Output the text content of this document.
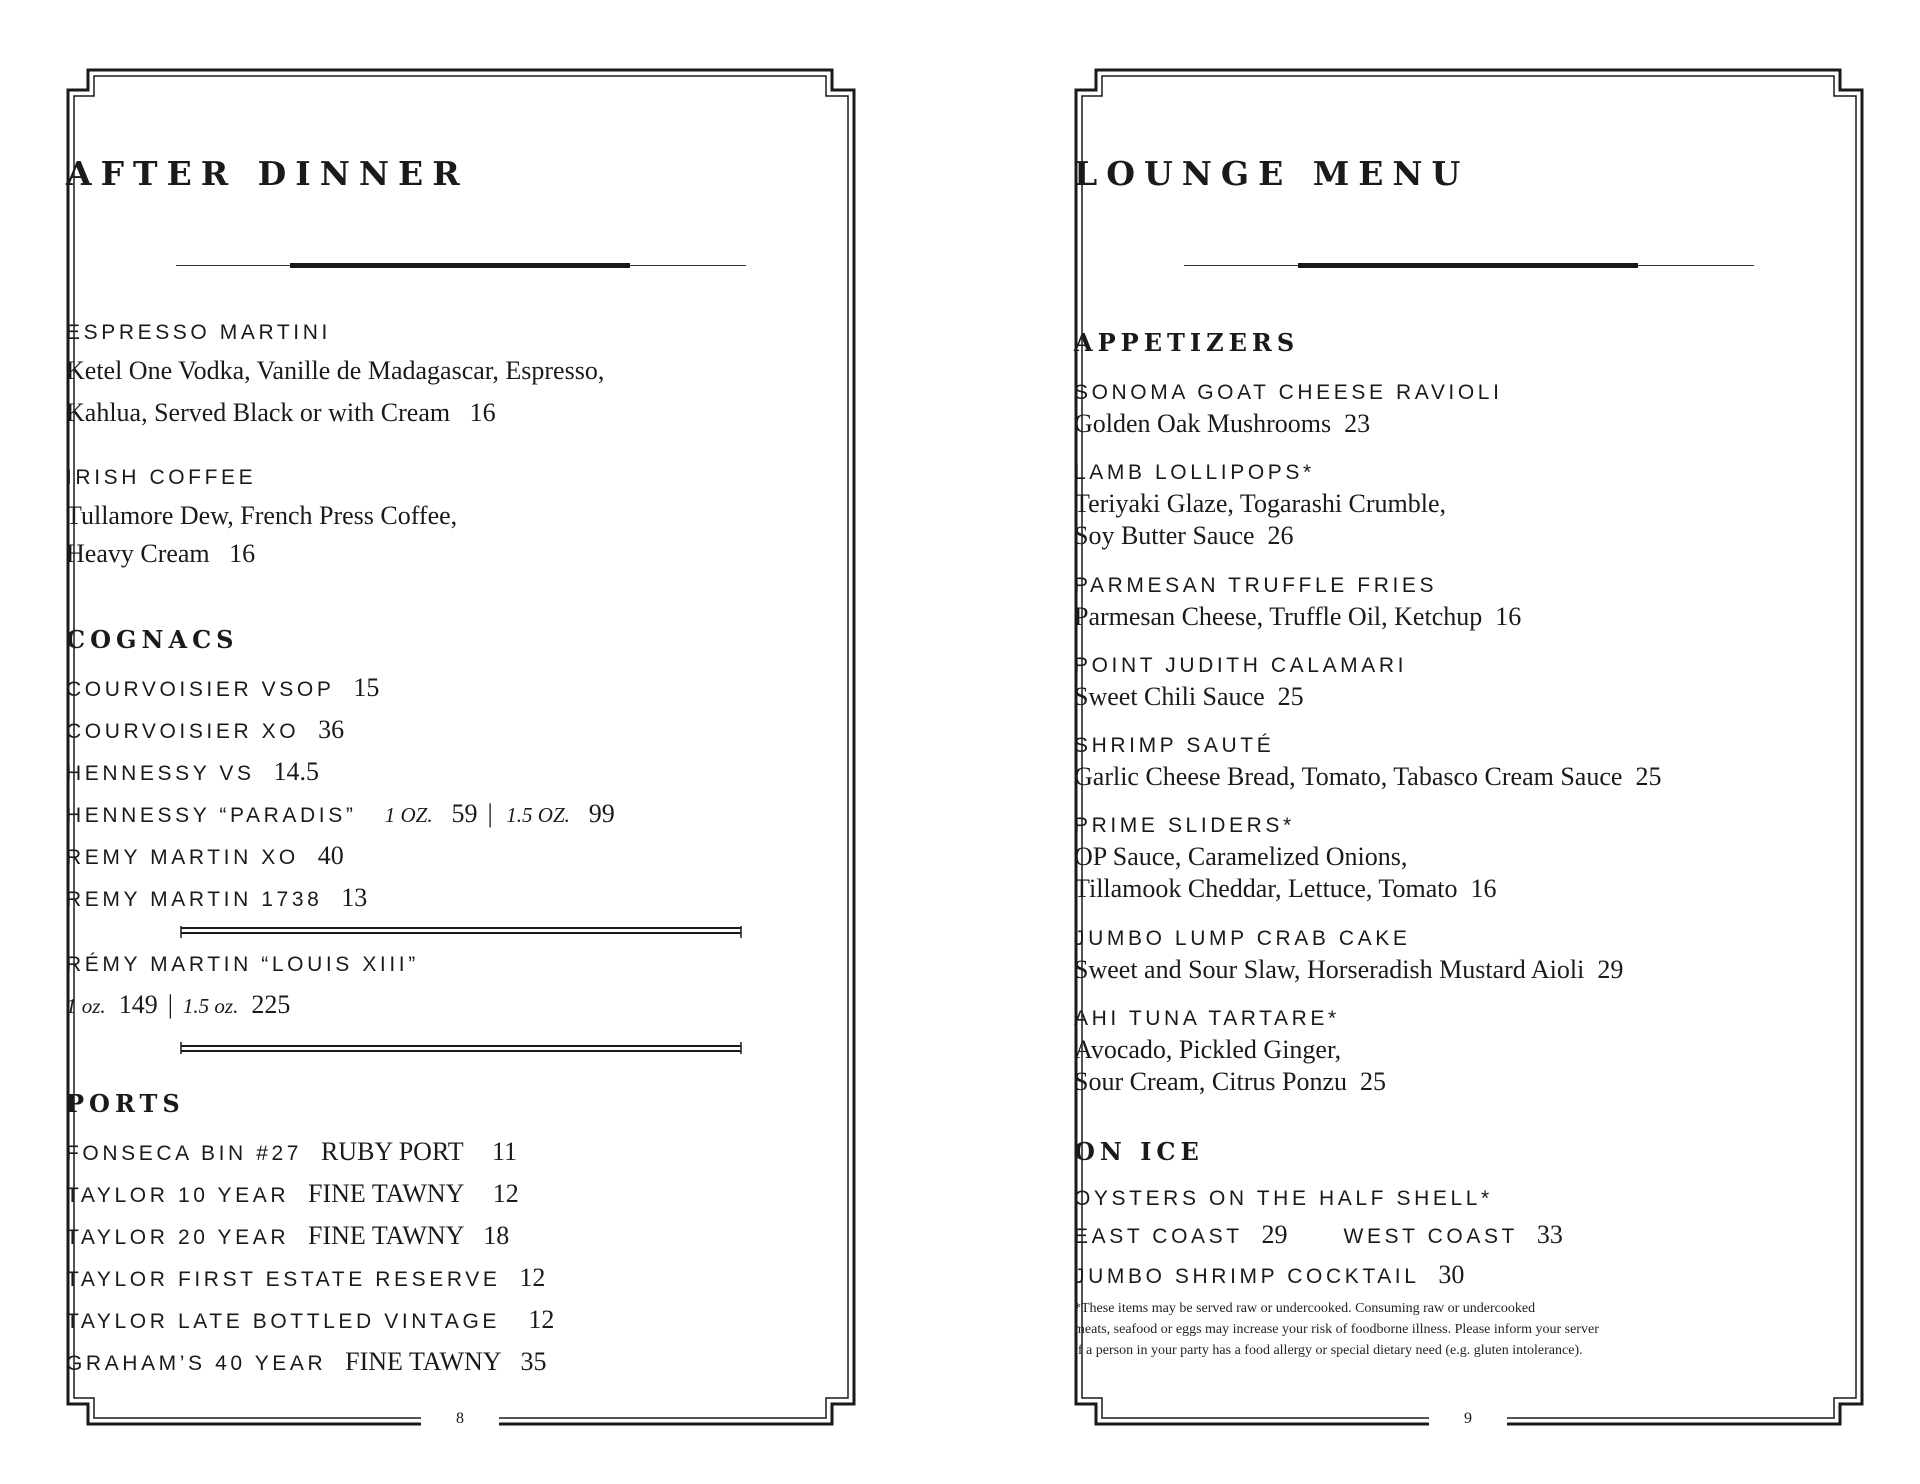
AFTER DINNER
ESPRESSO MARTINI
Ketel One Vodka, Vanille de Madagascar, Espresso,
Kahlua, Served Black or with Cream 16
IRISH COFFEE
Tullamore Dew, French Press Coffee,
Heavy Cream 16
COGNACS
COURVOISIER VSOP 15
COURVOISIER XO 36
HENNESSY VS 14.5
HENNESSY “PARADIS” 1 OZ. 59 | 1.5 OZ. 99
REMY MARTIN XO 40
REMY MARTIN 1738 13
RÉMY MARTIN “LOUIS XIII”
1 oz. 149 | 1.5 oz. 225
PORTS
FONSECA BIN #27 RUBY PORT 11
TAYLOR 10 YEAR FINE TAWNY 12
TAYLOR 20 YEAR FINE TAWNY 18
TAYLOR FIRST ESTATE RESERVE 12
TAYLOR LATE BOTTLED VINTAGE 12
GRAHAM’S 40 YEAR FINE TAWNY 35
8
LOUNGE MENU
APPETIZERS
SONOMA GOAT CHEESE RAVIOLI
Golden Oak Mushrooms 23
LAMB LOLLIPOPS*
Teriyaki Glaze, Togarashi Crumble,
Soy Butter Sauce 26
PARMESAN TRUFFLE FRIES
Parmesan Cheese, Truffle Oil, Ketchup 16
POINT JUDITH CALAMARI
Sweet Chili Sauce 25
SHRIMP SAUTÉ
Garlic Cheese Bread, Tomato, Tabasco Cream Sauce 25
PRIME SLIDERS*
OP Sauce, Caramelized Onions,
Tillamook Cheddar, Lettuce, Tomato 16
JUMBO LUMP CRAB CAKE
Sweet and Sour Slaw, Horseradish Mustard Aioli 29
AHI TUNA TARTARE*
Avocado, Pickled Ginger,
Sour Cream, Citrus Ponzu 25
ON ICE
OYSTERS ON THE HALF SHELL*
EAST COAST 29	WEST COAST 33
JUMBO SHRIMP COCKTAIL 30
*These items may be served raw or undercooked. Consuming raw or undercooked
meats, seafood or eggs may increase your risk of foodborne illness. Please inform your server
if a person in your party has a food allergy or special dietary need (e.g. gluten intolerance).
9
